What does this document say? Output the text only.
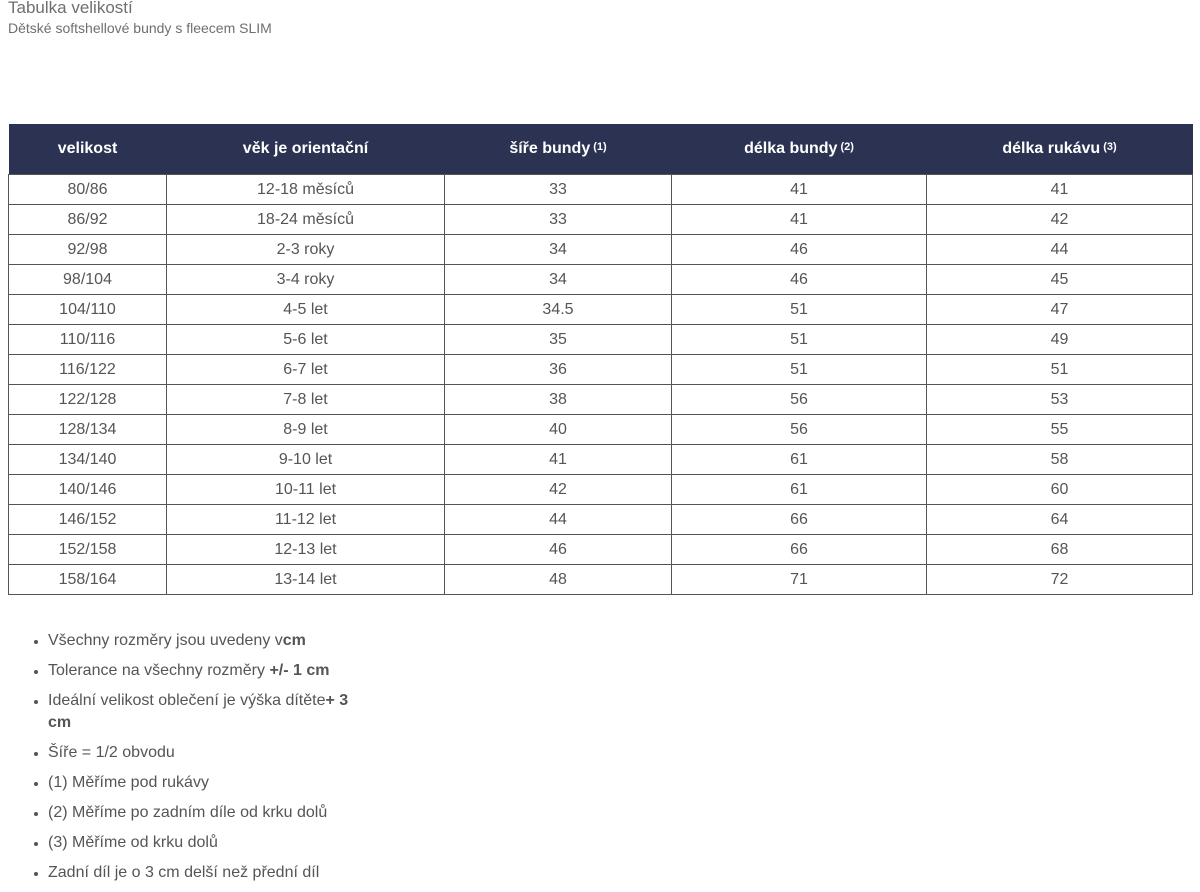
Tabulka velikostí
Dětské softshellové bundy s fleecem SLIM
velikost	věk je orientační	šíře bundy $^{(1)}$	délka bundy $^{(2)}$	délka rukávu $^{(3)}$
80/86	12-18 měsíců	33	41	41
86/92	18-24 měsíců	33	41	42
92/98	2-3 roky	34	46	44
98/104	3-4 roky	34	46	45
104/110	4-5 let	34.5	51	47
110/116	5-6 let	35	51	49
116/122	6-7 let	36	51	51
122/128	7-8 let	38	56	53
128/134	8-9 let	40	56	55
134/140	9-10 let	41	61	58
140/146	10-11 let	42	61	60
146/152	11-12 let	44	66	64
152/158	12-13 let	46	66	68
158/164	13-14 let	48	71	72
• Všechny rozměry jsou uvedeny vcm
• Tolerance na všechny rozměry +/- 1 cm
• Ideální velikost oblečení je výška dítěte+ 3 cm
• Šíře = 1/2 obvodu
• (1) Měříme pod rukávy
• (2) Měříme po zadním díle od krku dolů
• (3) Měříme od krku dolů
• Zadní díl je o 3 cm delší než přední díl
